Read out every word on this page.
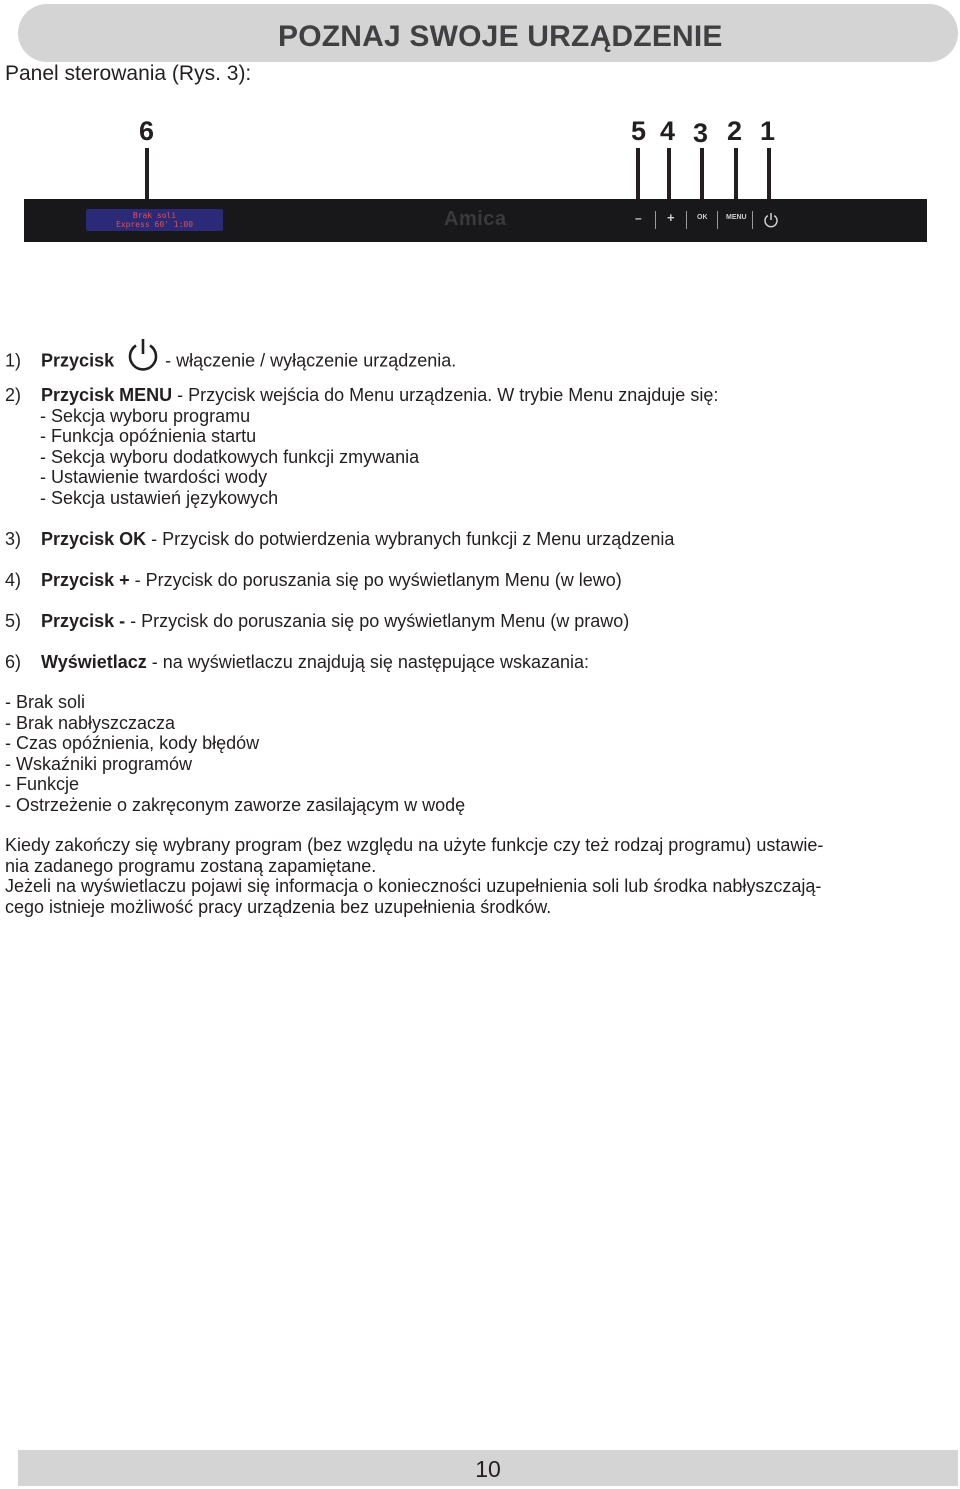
POZNAJ SWOJE URZĄDZENIE
Panel sterowania (Rys. 3):
6	5 4 3 2 1
Brak soli
Express 60' 1:00	Amica	– +	OK	MENU
1) Przycisk	- włączenie / wyłączenie urządzenia.
2) Przycisk MENU - Przycisk wejścia do Menu urządzenia. W trybie Menu znajduje się:
- Sekcja wyboru programu
- Funkcja opóźnienia startu
- Sekcja wyboru dodatkowych funkcji zmywania
- Ustawienie twardości wody
- Sekcja ustawień językowych
3) Przycisk OK - Przycisk do potwierdzenia wybranych funkcji z Menu urządzenia
4) Przycisk + - Przycisk do poruszania się po wyświetlanym Menu (w lewo)
5) Przycisk - - Przycisk do poruszania się po wyświetlanym Menu (w prawo)
6) Wyświetlacz - na wyświetlaczu znajdują się następujące wskazania:
- Brak soli
- Brak nabłyszczacza
- Czas opóźnienia, kody błędów
- Wskaźniki programów
- Funkcje
- Ostrzeżenie o zakręconym zaworze zasilającym w wodę
Kiedy zakończy się wybrany program (bez względu na użyte funkcje czy też rodzaj programu) ustawie-
nia zadanego programu zostaną zapamiętane.
Jeżeli na wyświetlaczu pojawi się informacja o konieczności uzupełnienia soli lub środka nabłyszczają-
cego istnieje możliwość pracy urządzenia bez uzupełnienia środków.
10
